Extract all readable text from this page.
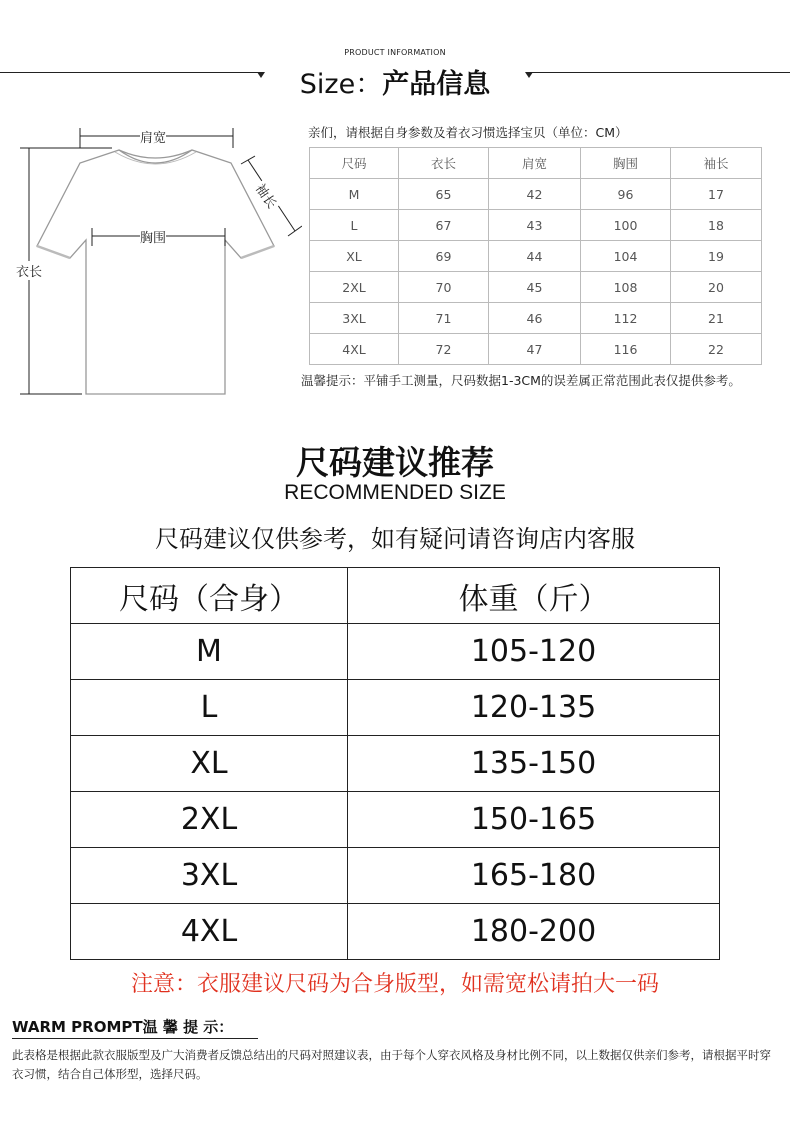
PRODUCT INFORMATION
Size：产品信息
肩宽
胸围
衣长
袖长
亲们，请根据自身参数及着衣习惯选择宝贝（单位：CM）
尺码	衣长	肩宽	胸围	袖长
M	65	42	96	17
L	67	43	100	18
XL	69	44	104	19
2XL	70	45	108	20
3XL	71	46	112	21
4XL	72	47	116	22
温馨提示：平铺手工测量，尺码数据1-3CM的误差属正常范围此表仅提供参考。
尺码建议推荐
RECOMMENDED SIZE
尺码建议仅供参考，如有疑问请咨询店内客服
尺码（合身）	体重（斤）
M	105-120
L	120-135
XL	135-150
2XL	150-165
3XL	165-180
4XL	180-200
注意：衣服建议尺码为合身版型，如需宽松请拍大一码
WARM PROMPT温 馨 提 示：
此表格是根据此款衣服版型及广大消费者反馈总结出的尺码对照建议表，由于每个人穿衣风格及身材比例不同，以上数据仅供亲们参考，请根据平时穿衣习惯，结合自己体形型，选择尺码。
